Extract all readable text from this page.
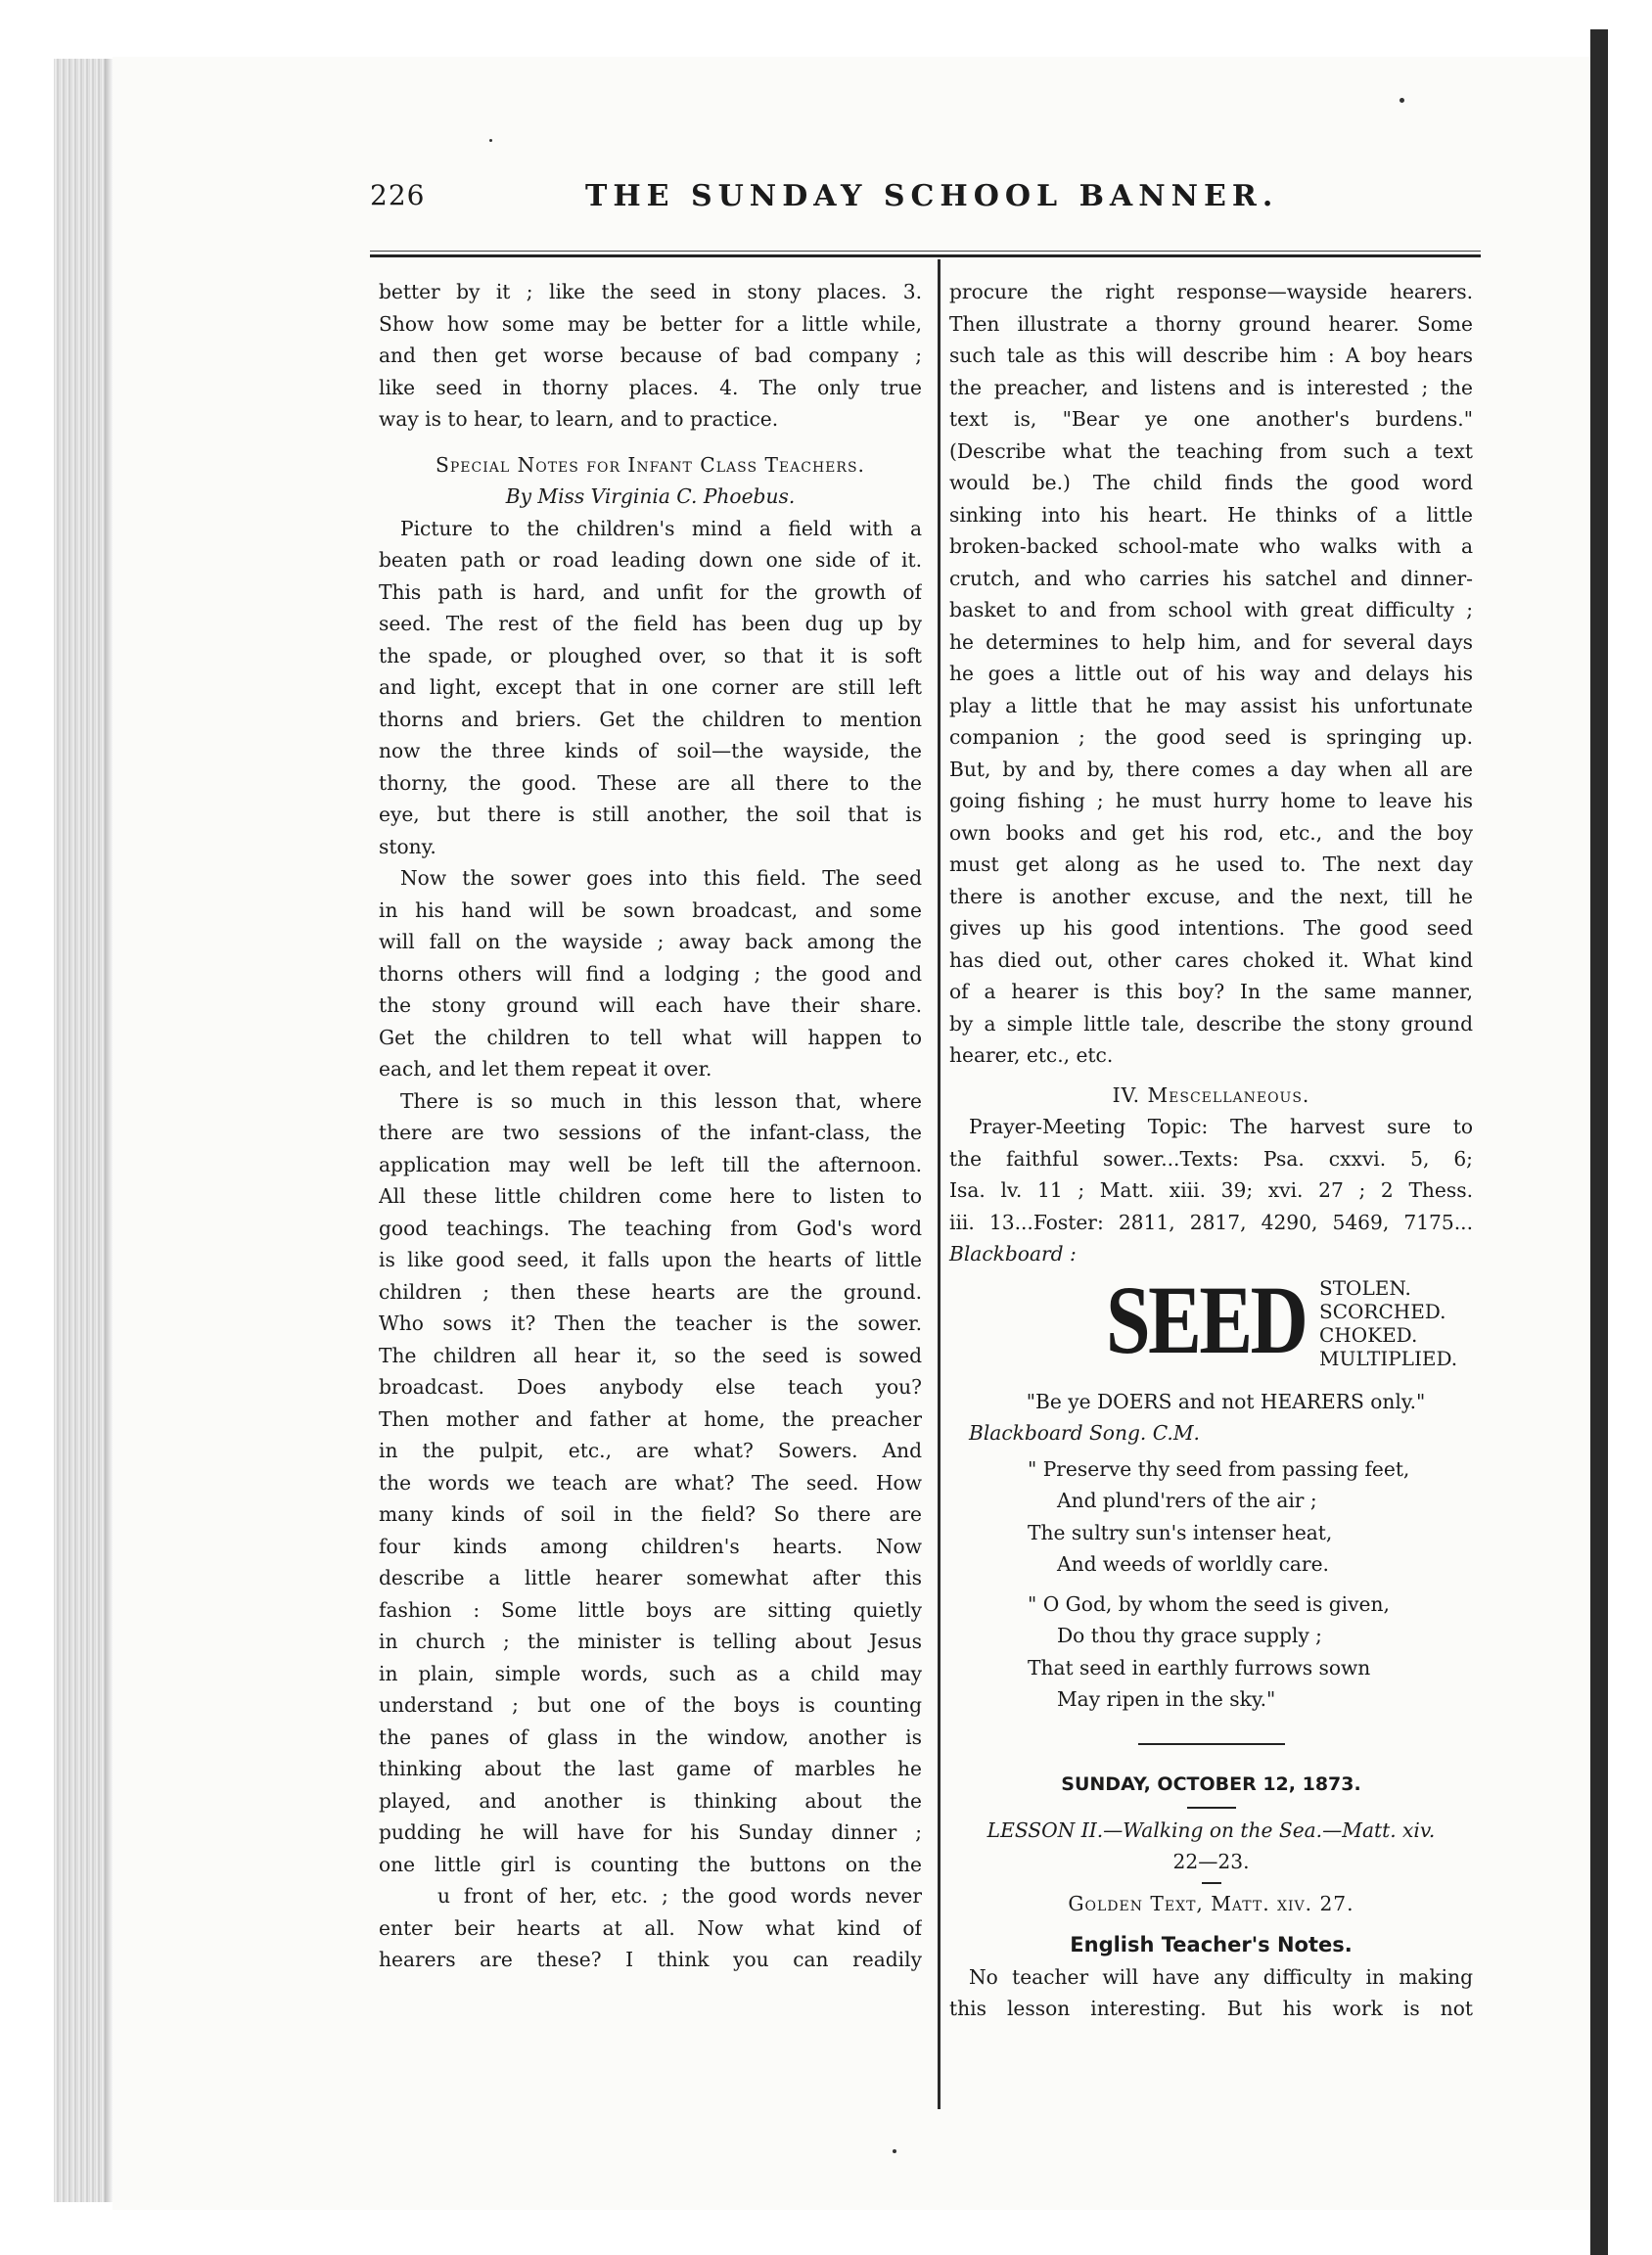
226	THE SUNDAY SCHOOL BANNER.
better by it ; like the seed in stony places. 3.
Show how some may be better for a little while,
and then get worse because of bad company ;
like seed in thorny places. 4. The only true
way is to hear, to learn, and to practice.
Special Notes for Infant Class Teachers.
By Miss Virginia C. Phoebus.
Picture to the children's mind a field with a
beaten path or road leading down one side of it.
This path is hard, and unfit for the growth of
seed. The rest of the field has been dug up by
the spade, or ploughed over, so that it is soft
and light, except that in one corner are still left
thorns and briers. Get the children to mention
now the three kinds of soil—the wayside, the
thorny, the good. These are all there to the
eye, but there is still another, the soil that is
stony.
Now the sower goes into this field. The seed
in his hand will be sown broadcast, and some
will fall on the wayside ; away back among the
thorns others will find a lodging ; the good and
the stony ground will each have their share.
Get the children to tell what will happen to
each, and let them repeat it over.
There is so much in this lesson that, where
there are two sessions of the infant-class, the
application may well be left till the afternoon.
All these little children come here to listen to
good teachings. The teaching from God's word
is like good seed, it falls upon the hearts of little
children ; then these hearts are the ground.
Who sows it? Then the teacher is the sower.
The children all hear it, so the seed is sowed
broadcast. Does anybody else teach you?
Then mother and father at home, the preacher
in the pulpit, etc., are what? Sowers. And
the words we teach are what? The seed. How
many kinds of soil in the field? So there are
four kinds among children's hearts. Now
describe a little hearer somewhat after this
fashion : Some little boys are sitting quietly
in church ; the minister is telling about Jesus
in plain, simple words, such as a child may
understand ; but one of the boys is counting
the panes of glass in the window, another is
thinking about the last game of marbles he
played, and another is thinking about the
pudding he will have for his Sunday dinner ;
one little girl is counting the buttons on the
u front of her, etc. ; the good words never
enter beir hearts at all. Now what kind of
hearers are these? I think you can readily
procure the right response—wayside hearers.
Then illustrate a thorny ground hearer. Some
such tale as this will describe him : A boy hears
the preacher, and listens and is interested ; the
text is, "Bear ye one another's burdens."
(Describe what the teaching from such a text
would be.) The child finds the good word
sinking into his heart. He thinks of a little
broken-backed school-mate who walks with a
crutch, and who carries his satchel and dinner-
basket to and from school with great difficulty ;
he determines to help him, and for several days
he goes a little out of his way and delays his
play a little that he may assist his unfortunate
companion ; the good seed is springing up.
But, by and by, there comes a day when all are
going fishing ; he must hurry home to leave his
own books and get his rod, etc., and the boy
must get along as he used to. The next day
there is another excuse, and the next, till he
gives up his good intentions. The good seed
has died out, other cares choked it. What kind
of a hearer is this boy? In the same manner,
by a simple little tale, describe the stony ground
hearer, etc., etc.
IV. Mescellaneous.
Prayer-Meeting Topic: The harvest sure to
the faithful sower...Texts: Psa. cxxvi. 5, 6;
Isa. lv. 11 ; Matt. xiii. 39; xvi. 27 ; 2 Thess.
iii. 13...Foster: 2811, 2817, 4290, 5469, 7175...
Blackboard :
SEED STOLEN.
SCORCHED.
CHOKED.
MULTIPLIED.
"Be ye DOERS and not HEARERS only."
Blackboard Song. C.M.
" Preserve thy seed from passing feet,
And plund'rers of the air ;
The sultry sun's intenser heat,
And weeds of worldly care.
" O God, by whom the seed is given,
Do thou thy grace supply ;
That seed in earthly furrows sown
May ripen in the sky."
SUNDAY, OCTOBER 12, 1873.
LESSON II.—Walking on the Sea.—Matt. xiv.
22—23.
Golden Text, Matt. xiv. 27.
English Teacher's Notes.
No teacher will have any difficulty in making
this lesson interesting. But his work is not
